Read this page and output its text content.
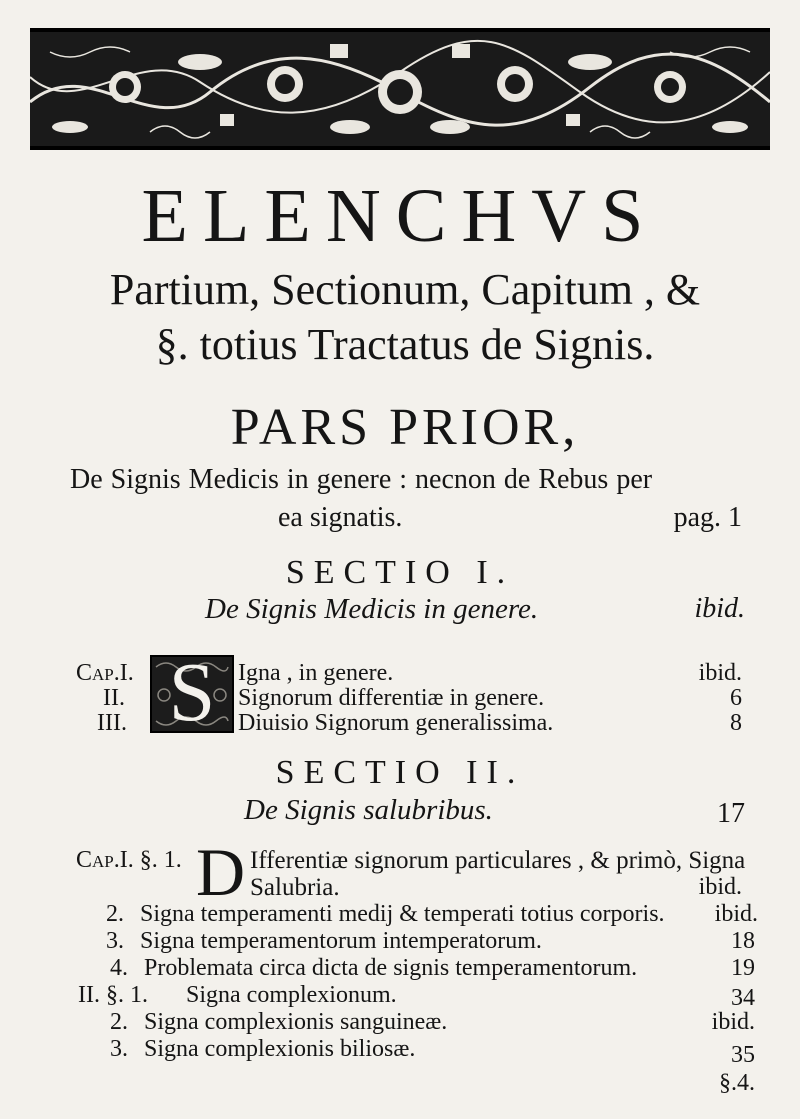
ELENCHVS
Partium, Sectionum, Capitum , &
§. totius Tractatus de Signis.
PARS PRIOR,
De Signis Medicis in genere : necnon de Rebus per
ea signatis.	pag. 1
SECTIO I.
De Signis Medicis in genere.	ibid.
S
Cap.I.	Igna , in genere.	ibid.
II.	Signorum differentiæ in genere.	6
III.	Diuisio Signorum generalissima.	8
SECTIO II.
De Signis salubribus.	17
Cap.I. §. 1. D Ifferentiæ signorum particulares , & primò, Signa
Salubria.	ibid.
2. Signa temperamenti medij & temperati totius corporis. ibid.
3. Signa temperamentorum intemperatorum.	18
4. Problemata circa dicta de signis temperamentorum.	19
II. §. 1. Signa complexionum.	34
2. Signa complexionis sanguineæ.	ibid.
3. Signa complexionis biliosæ.	35
§.4.
